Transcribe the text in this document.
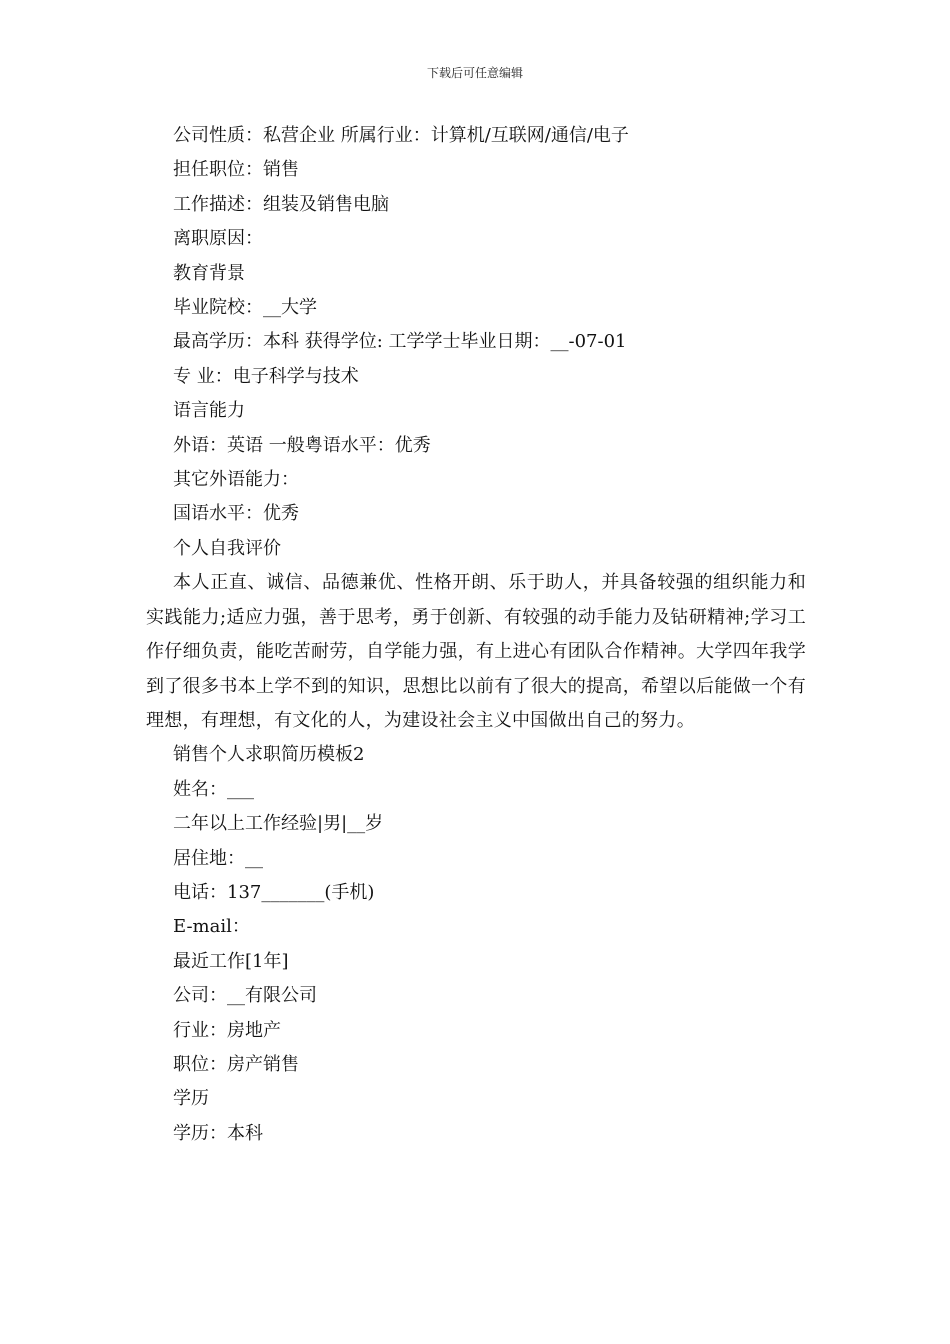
下载后可任意编辑

公司性质：私营企业 所属行业：计算机/互联网/通信/电子

担任职位：销售

工作描述：组装及销售电脑

离职原因：

教育背景

毕业院校：__大学

最高学历：本科 获得学位: 工学学士毕业日期：__-07-01

专 业：电子科学与技术

语言能力

外语：英语 一般粤语水平：优秀

其它外语能力：

国语水平：优秀

个人自我评价

本人正直、诚信、品德兼优、性格开朗、乐于助人，并具备较强的组织能力和实践能力;适应力强，善于思考，勇于创新、有较强的动手能力及钻研精神;学习工作仔细负责，能吃苦耐劳，自学能力强，有上进心有团队合作精神。大学四年我学到了很多书本上学不到的知识，思想比以前有了很大的提高，希望以后能做一个有理想，有理想，有文化的人，为建设社会主义中国做出自己的努力。

销售个人求职简历模板2

姓名：___

二年以上工作经验|男|__岁

居住地：__

电话：137_______(手机)

E-mail：

最近工作[1年]

公司：__有限公司

行业：房地产

职位：房产销售

学历

学历：本科
